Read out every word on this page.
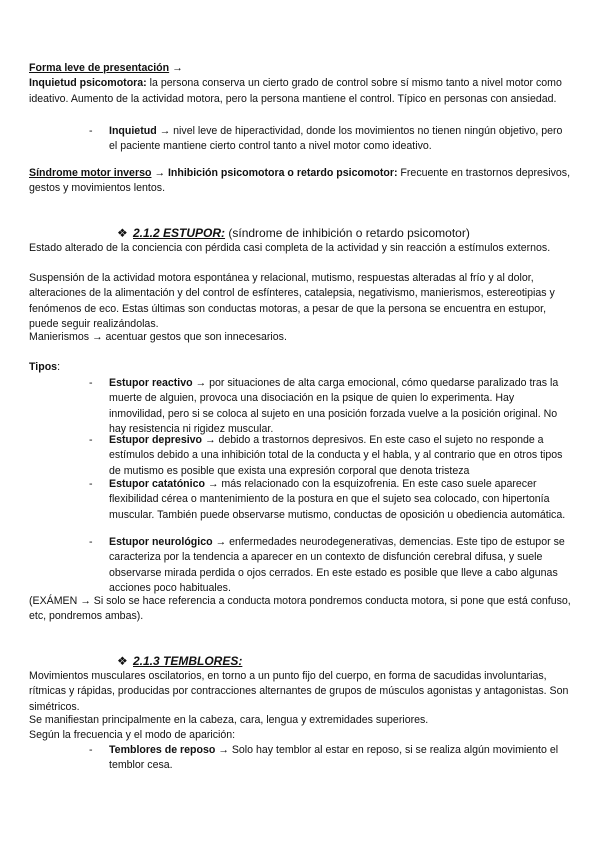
Forma leve de presentación →
Inquietud psicomotora: la persona conserva un cierto grado de control sobre sí mismo tanto a nivel motor como ideativo. Aumento de la actividad motora, pero la persona mantiene el control. Típico en personas con ansiedad.

-	Inquietud → nivel leve de hiperactividad, donde los movimientos no tienen ningún objetivo, pero el paciente mantiene cierto control tanto a nivel motor como ideativo.

Síndrome motor inverso → Inhibición psicomotora o retardo psicomotor: Frecuente en trastornos depresivos, gestos y movimientos lentos.

❖ 2.1.2 ESTUPOR: (síndrome de inhibición o retardo psicomotor)

Estado alterado de la conciencia con pérdida casi completa de la actividad y sin reacción a estímulos externos.

Suspensión de la actividad motora espontánea y relacional, mutismo, respuestas alteradas al frío y al dolor, alteraciones de la alimentación y del control de esfínteres, catalepsia, negativismo, manierismos, estereotipias y fenómenos de eco. Estas últimas son conductas motoras, a pesar de que la persona se encuentra en estupor, puede seguir realizándolas.

Manierismos → acentuar gestos que son innecesarios.

Tipos:

-	Estupor reactivo → por situaciones de alta carga emocional, cómo quedarse paralizado tras la muerte de alguien, provoca una disociación en la psique de quien lo experimenta. Hay inmovilidad, pero si se coloca al sujeto en una posición forzada vuelve a la posición original. No hay resistencia ni rigidez muscular.

-	Estupor depresivo → debido a trastornos depresivos. En este caso el sujeto no responde a estímulos debido a una inhibición total de la conducta y el habla, y al contrario que en otros tipos de mutismo es posible que exista una expresión corporal que denota tristeza

-	Estupor catatónico → más relacionado con la esquizofrenia. En este caso suele aparecer flexibilidad cérea o mantenimiento de la postura en que el sujeto sea colocado, con hipertonía muscular. También puede observarse mutismo, conductas de oposición u obediencia automática.

-	Estupor neurológico → enfermedades neurodegenerativas, demencias. Este tipo de estupor se caracteriza por la tendencia a aparecer en un contexto de disfunción cerebral difusa, y suele observarse mirada perdida o ojos cerrados. En este estado es posible que lleve a cabo algunas acciones poco habituales.

(EXÁMEN → Si solo se hace referencia a conducta motora pondremos conducta motora, si pone que está confuso, etc, pondremos ambas).

❖ 2.1.3 TEMBLORES:

Movimientos musculares oscilatorios, en torno a un punto fijo del cuerpo, en forma de sacudidas involuntarias, rítmicas y rápidas, producidas por contracciones alternantes de grupos de músculos agonistas y antagonistas. Son simétricos.

Se manifiestan principalmente en la cabeza, cara, lengua y extremidades superiores.

Según la frecuencia y el modo de aparición:

-	Temblores de reposo → Solo hay temblor al estar en reposo, si se realiza algún movimiento el temblor cesa.
